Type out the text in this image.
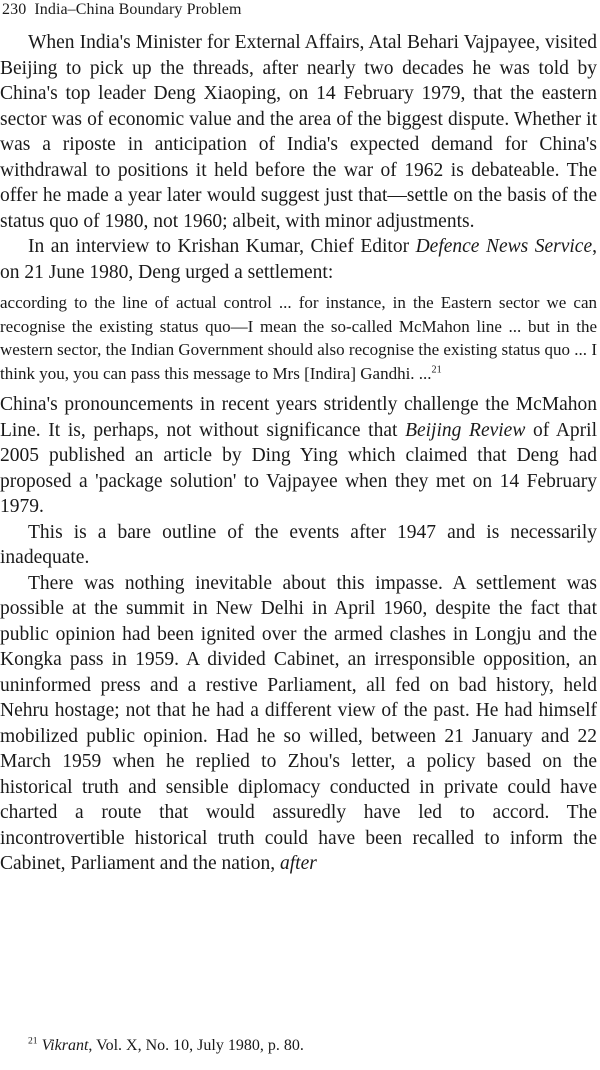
230 India–China Boundary Problem

When India's Minister for External Affairs, Atal Behari Vajpayee, visited Beijing to pick up the threads, after nearly two decades he was told by China's top leader Deng Xiaoping, on 14 February 1979, that the eastern sector was of economic value and the area of the biggest dispute. Whether it was a riposte in anticipation of India's expected demand for China's withdrawal to positions it held before the war of 1962 is debateable. The offer he made a year later would suggest just that—settle on the basis of the status quo of 1980, not 1960; albeit, with minor adjustments.

In an interview to Krishan Kumar, Chief Editor Defence News Service, on 21 June 1980, Deng urged a settlement:

according to the line of actual control ... for instance, in the Eastern sector we can recognise the existing status quo—I mean the so-called McMahon line ... but in the western sector, the Indian Government should also recognise the existing status quo ... I think you, you can pass this message to Mrs [Indira] Gandhi. ...$^{21}$

China's pronouncements in recent years stridently challenge the McMahon Line. It is, perhaps, not without significance that Beijing Review of April 2005 published an article by Ding Ying which claimed that Deng had proposed a 'package solution' to Vajpayee when they met on 14 February 1979.

This is a bare outline of the events after 1947 and is necessarily inadequate.

There was nothing inevitable about this impasse. A settlement was possible at the summit in New Delhi in April 1960, despite the fact that public opinion had been ignited over the armed clashes in Longju and the Kongka pass in 1959. A divided Cabinet, an irresponsible opposition, an uninformed press and a restive Parliament, all fed on bad history, held Nehru hostage; not that he had a different view of the past. He had himself mobilized public opinion. Had he so willed, between 21 January and 22 March 1959 when he replied to Zhou's letter, a policy based on the historical truth and sensible diplomacy conducted in private could have charted a route that would assuredly have led to accord. The incontrovertible historical truth could have been recalled to inform the Cabinet, Parliament and the nation, after

$^{21}$ Vikrant, Vol. X, No. 10, July 1980, p. 80.
